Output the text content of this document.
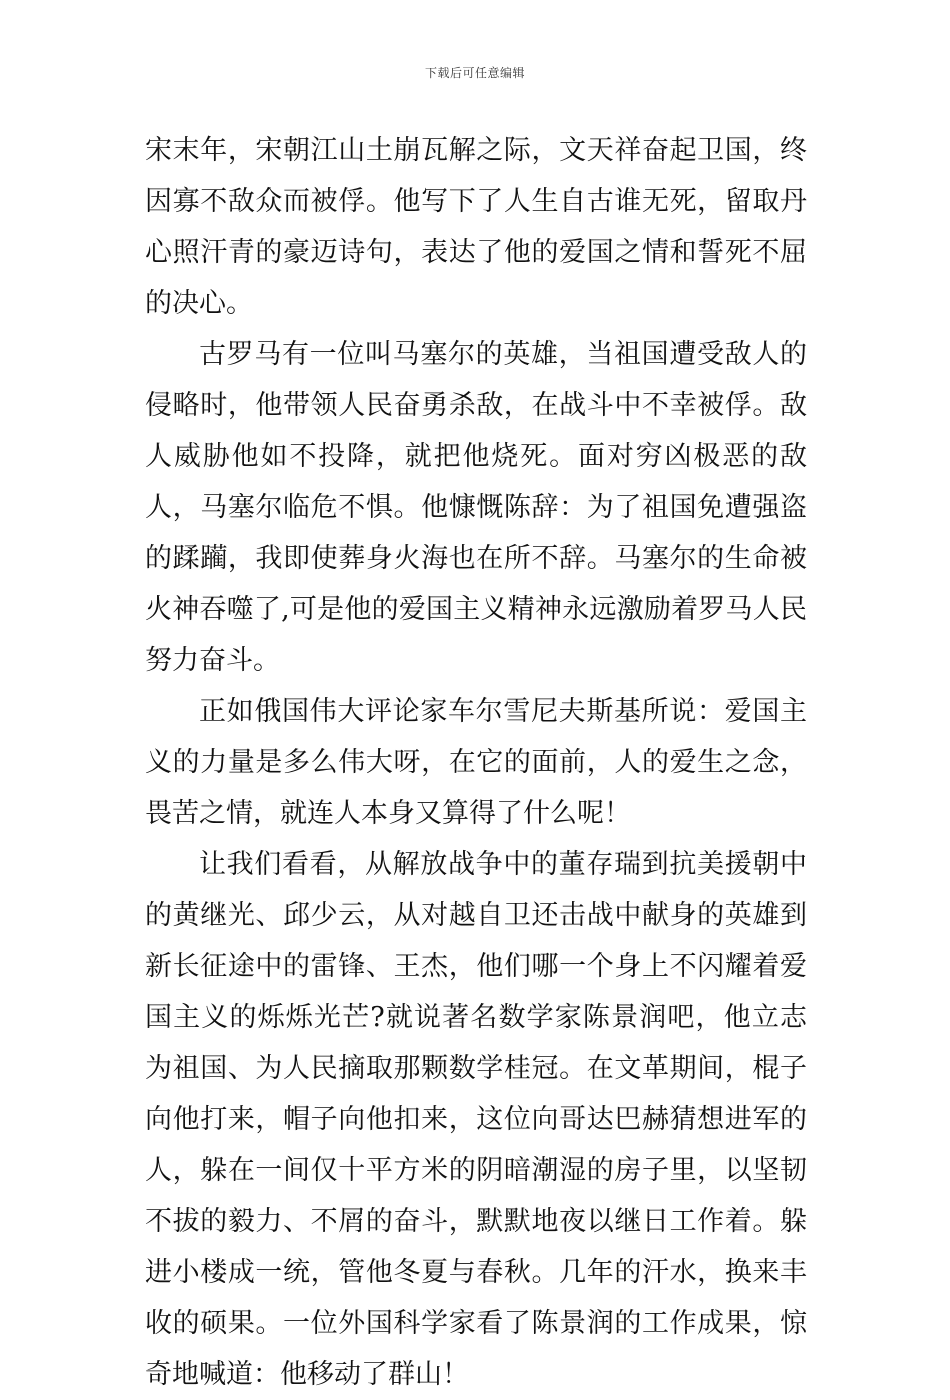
下载后可任意编辑

宋末年，宋朝江山土崩瓦解之际，文天祥奋起卫国，终因寡不敌众而被俘。他写下了人生自古谁无死，留取丹心照汗青的豪迈诗句，表达了他的爱国之情和誓死不屈的决心。

古罗马有一位叫马塞尔的英雄，当祖国遭受敌人的侵略时，他带领人民奋勇杀敌，在战斗中不幸被俘。敌人威胁他如不投降，就把他烧死。面对穷凶极恶的敌人，马塞尔临危不惧。他慷慨陈辞：为了祖国免遭强盗的蹂躏，我即使葬身火海也在所不辞。马塞尔的生命被火神吞噬了,可是他的爱国主义精神永远激励着罗马人民努力奋斗。

正如俄国伟大评论家车尔雪尼夫斯基所说：爱国主义的力量是多么伟大呀，在它的面前，人的爱生之念，畏苦之情，就连人本身又算得了什么呢！

让我们看看，从解放战争中的董存瑞到抗美援朝中的黄继光、邱少云，从对越自卫还击战中献身的英雄到新长征途中的雷锋、王杰，他们哪一个身上不闪耀着爱国主义的烁烁光芒?就说著名数学家陈景润吧，他立志为祖国、为人民摘取那颗数学桂冠。在文革期间，棍子向他打来，帽子向他扣来，这位向哥达巴赫猜想进军的人，躲在一间仅十平方米的阴暗潮湿的房子里，以坚韧不拔的毅力、不屑的奋斗，默默地夜以继日工作着。躲进小楼成一统，管他冬夏与春秋。几年的汗水，换来丰收的硕果。一位外国科学家看了陈景润的工作成果，惊奇地喊道：他移动了群山！
